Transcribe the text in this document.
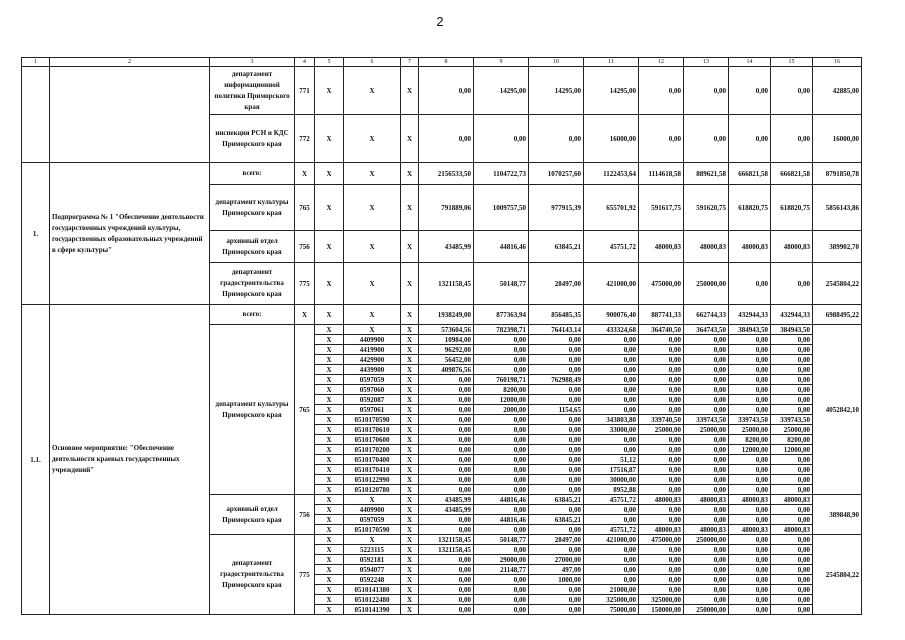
2
1	2	3	4	5	6	7	8	9	10	11	12	13	14	15	16
		департамент информационной политики Приморского края	771	X	X	X	0,00	14295,00	14295,00	14295,00	0,00	0,00	0,00	0,00	42885,00
		инспекция РСН и КДС Приморского края	772	X	X	X	0,00	0,00	0,00	16000,00	0,00	0,00	0,00	0,00	16000,00
1.	Подпрограмма № 1 "Обеспечение деятельности государственных учреждений культуры, государственных образовательных учреждений в сфере культуры"	всего:	X	X	X	X	2156533,50	1104722,73	1070257,60	1122453,64	1114618,58	889621,58	666821,58	666821,58	8791850,78
		департамент культуры Приморского края	765	X	X	X	791889,06	1009757,50	977915,39	655701,92	591617,75	591620,75	618820,75	618820,75	5856143,86
		архивный отдел Приморского края	756	X	X	X	43485,99	44816,46	63845,21	45751,72	48000,83	48000,83	48000,83	48000,83	389902,70
		департамент градостроительства Приморского края	775	X	X	X	1321158,45	50148,77	28497,00	421000,00	475000,00	250000,00	0,00	0,00	2545804,22
1.1.	Основное мероприятие: "Обеспечение деятельности краевых государственных учреждений"	всего:	X	X	X	X	1938249,00	877363,94	856485,35	900076,40	887741,33	662744,33	432944,33	432944,33	6988495,22
		департамент культуры Приморского края	765	X	X	X	573604,56	782398,71	764143,14	433324,68	364740,50	364743,50	384943,50	384943,50	4052842,10
				X	4409900	X	10984,00	0,00	0,00	0,00	0,00	0,00	0,00	0,00	
				X	4419900	X	96292,00	0,00	0,00	0,00	0,00	0,00	0,00	0,00	
				X	4429900	X	56452,00	0,00	0,00	0,00	0,00	0,00	0,00	0,00	
				X	4439900	X	409876,56	0,00	0,00	0,00	0,00	0,00	0,00	0,00	
				X	0597059	X	0,00	760198,71	762988,49	0,00	0,00	0,00	0,00	0,00	
				X	0597060	X	0,00	8200,00	0,00	0,00	0,00	0,00	0,00	0,00	
				X	0592087	X	0,00	12000,00	0,00	0,00	0,00	0,00	0,00	0,00	
				X	0597061	X	0,00	2000,00	1154,65	0,00	0,00	0,00	0,00	0,00	
				X	0510170590	X	0,00	0,00	0,00	343803,80	339740,50	339743,50	339743,50	339743,50	
				X	0510170610	X	0,00	0,00	0,00	33000,00	25000,00	25000,00	25000,00	25000,00	
				X	0510170600	X	0,00	0,00	0,00	0,00	0,00	0,00	8200,00	8200,00	
				X	0510170200	X	0,00	0,00	0,00	0,00	0,00	0,00	12000,00	12000,00	
				X	0510170400	X	0,00	0,00	0,00	51,12	0,00	0,00	0,00	0,00	
				X	0510170410	X	0,00	0,00	0,00	17516,87	0,00	0,00	0,00	0,00	
				X	0510122990	X	0,00	0,00	0,00	30000,00	0,00	0,00	0,00	0,00	
				X	0510120780	X	0,00	0,00	0,00	8952,88	0,00	0,00	0,00	0,00	
		архивный отдел Приморского края	756	X	X	X	43485,99	44816,46	63845,21	45751,72	48000,83	48000,83	48000,83	48000,83	389848,90
				X	4409900	X	43485,99	0,00	0,00	0,00	0,00	0,00	0,00	0,00	
				X	0597059	X	0,00	44816,46	63845,21	0,00	0,00	0,00	0,00	0,00	
				X	0510170590	X	0,00	0,00	0,00	45751,72	48000,83	48000,83	48000,83	48000,83	
		департамент градостроительства Приморского края	775	X	X	X	1321158,45	50148,77	28497,00	421000,00	475000,00	250000,00	0,00	0,00	2545804,22
				X	5223115	X	1321158,45	0,00	0,00	0,00	0,00	0,00	0,00	0,00	
				X	0592181	X	0,00	29000,00	27000,00	0,00	0,00	0,00	0,00	0,00	
				X	0594077	X	0,00	21148,77	497,00	0,00	0,00	0,00	0,00	0,00	
				X	0592248	X	0,00	0,00	1000,00	0,00	0,00	0,00	0,00	0,00	
				X	0510141380	X	0,00	0,00	0,00	21000,00	0,00	0,00	0,00	0,00	
				X	0510122480	X	0,00	0,00	0,00	325000,00	325000,00	0,00	0,00	0,00	
				X	0510141390	X	0,00	0,00	0,00	75000,00	150000,00	250000,00	0,00	0,00	
